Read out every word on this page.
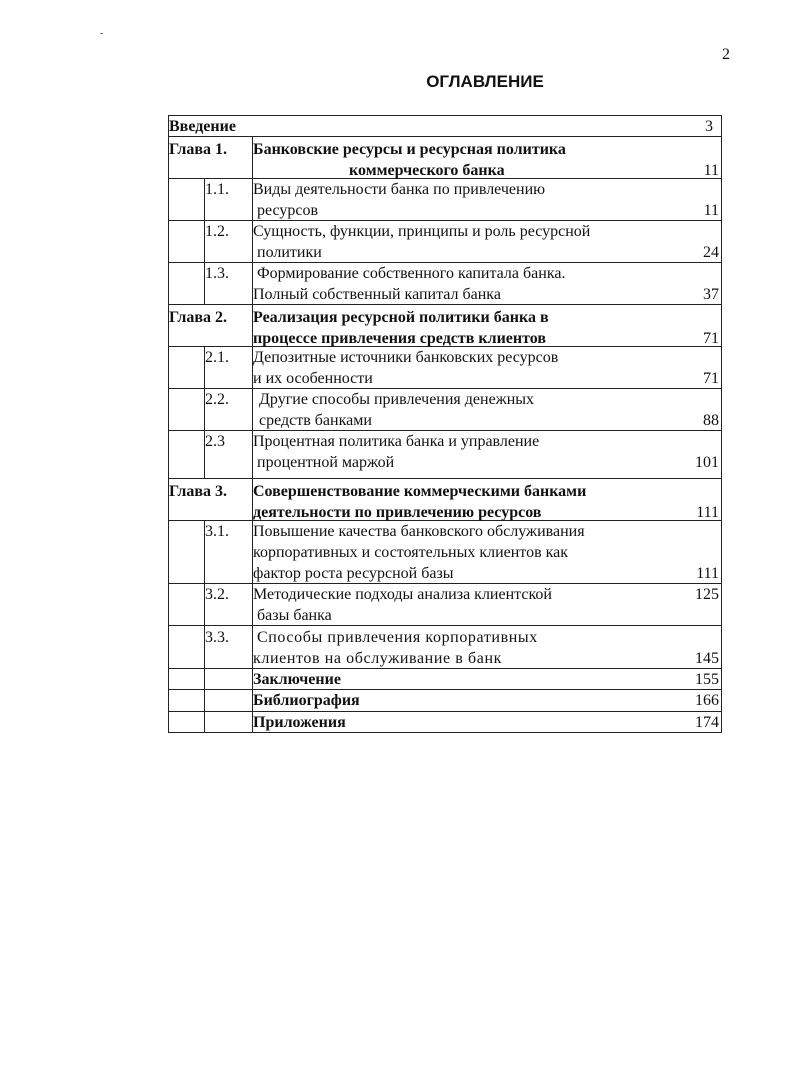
-
2
ОГЛАВЛЕНИЕ
Введение	3
Глава 1. Банковские ресурсы и ресурсная политика
коммерческого банка	11
1.1. Виды деятельности банка по привлечению
ресурсов	11
1.2. Сущность, функции, принципы и роль ресурсной
политики	24
1.3. Формирование собственного капитала банка.
Полный собственный капитал банка	37
Глава 2. Реализация ресурсной политики банка в
процессе привлечения средств клиентов	71
2.1. Депозитные источники банковских ресурсов
и их особенности	71
2.2.	Другие способы привлечения денежных
средств банками	88
2.3 Процентная политика банка и управление
процентной маржой	101
Глава 3. Совершенствование коммерческими банками
деятельности по привлечению ресурсов	111
3.1. Повышение качества банковского обслуживания
корпоративных и состоятельных клиентов как
фактор роста ресурсной базы	111
3.2. Методические подходы анализа клиентской
базы банка
125
3.3. Способы привлечения корпоративных
клиентов на обслуживание в банк	145
Заключение	155
Библиография	166
Приложения	174
